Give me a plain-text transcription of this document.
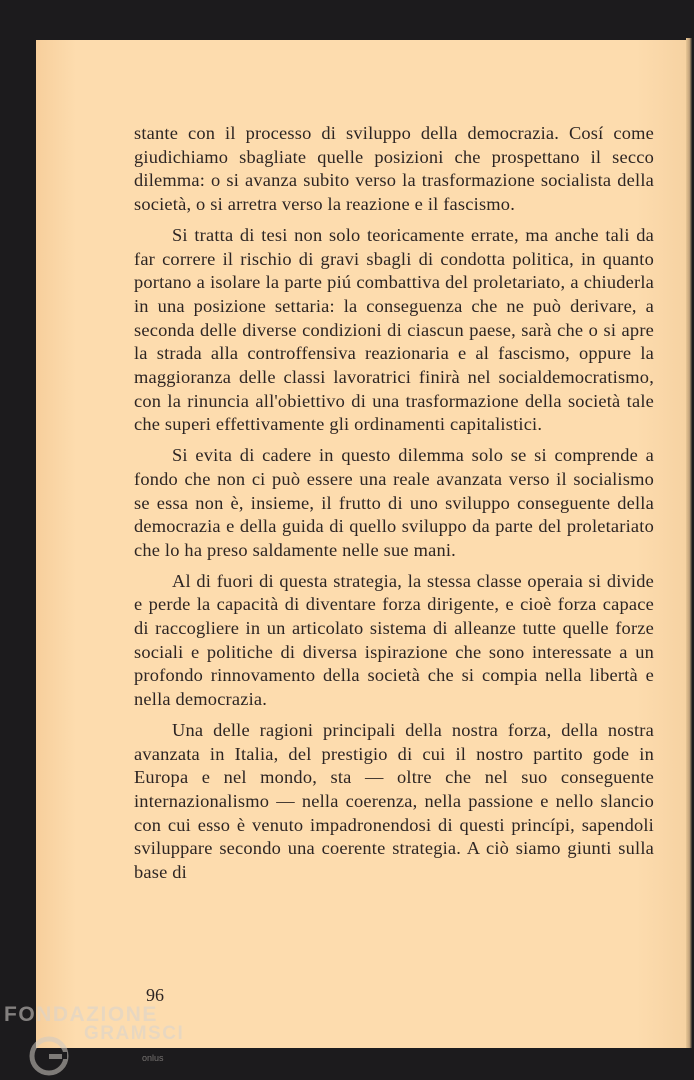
stante con il processo di sviluppo della democrazia. Cosí come giudichiamo sbagliate quelle posizioni che prospettano il secco dilemma: o si avanza subito verso la trasformazione socialista della società, o si arretra verso la reazione e il fascismo.

Si tratta di tesi non solo teoricamente errate, ma anche tali da far correre il rischio di gravi sbagli di condotta politica, in quanto portano a isolare la parte piú combattiva del proletariato, a chiuderla in una posizione settaria: la conseguenza che ne può derivare, a seconda delle diverse condizioni di ciascun paese, sarà che o si apre la strada alla controffensiva reazionaria e al fascismo, oppure la maggioranza delle classi lavoratrici finirà nel socialdemocratismo, con la rinuncia all'obiettivo di una trasformazione della società tale che superi effettivamente gli ordinamenti capitalistici.

Si evita di cadere in questo dilemma solo se si comprende a fondo che non ci può essere una reale avanzata verso il socialismo se essa non è, insieme, il frutto di uno sviluppo conseguente della democrazia e della guida di quello sviluppo da parte del proletariato che lo ha preso saldamente nelle sue mani.

Al di fuori di questa strategia, la stessa classe operaia si divide e perde la capacità di diventare forza dirigente, e cioè forza capace di raccogliere in un articolato sistema di alleanze tutte quelle forze sociali e politiche di diversa ispirazione che sono interessate a un profondo rinnovamento della società che si compia nella libertà e nella democrazia.

Una delle ragioni principali della nostra forza, della nostra avanzata in Italia, del prestigio di cui il nostro partito gode in Europa e nel mondo, sta — oltre che nel suo conseguente internazionalismo — nella coerenza, nella passione e nello slancio con cui esso è venuto impadronendosi di questi princípi, sapendoli sviluppare secondo una coerente strategia. A ciò siamo giunti sulla base di

96
FONDAZIONE
GRAMSCI
onlus
